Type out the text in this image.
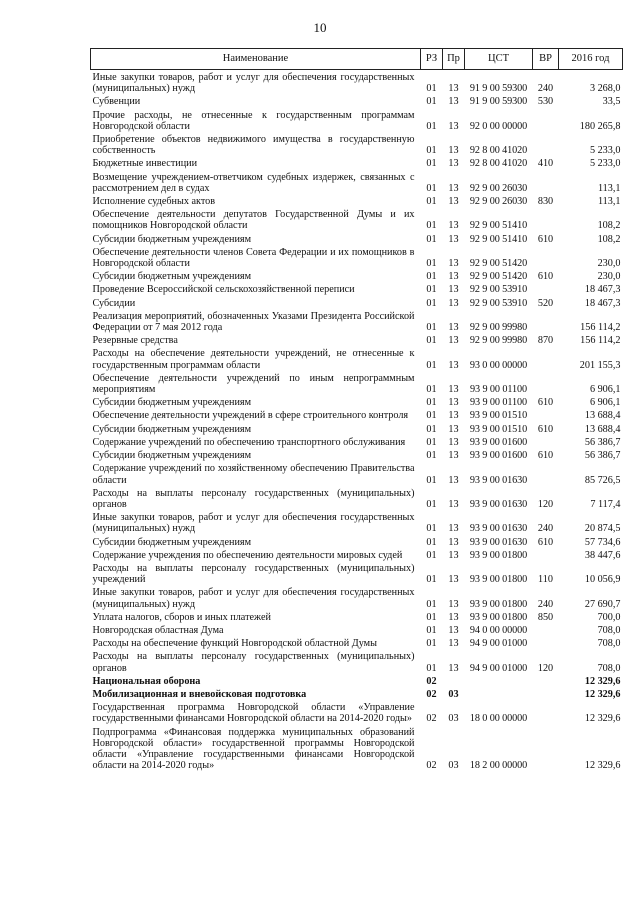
10
Наименование	РЗ	Пр	ЦСТ	ВР	2016 год
Иные закупки товаров, работ и услуг для обеспечения государственных (муниципальных) нужд	01	13	91 9 00 59300	240	3 268,0
Субвенции	01	13	91 9 00 59300	530	33,5
Прочие расходы, не отнесенные к государственным программам Новгородской области	01	13	92 0 00 00000		180 265,8
Приобретение объектов недвижимого имущества в государственную собственность	01	13	92 8 00 41020		5 233,0
Бюджетные инвестиции	01	13	92 8 00 41020	410	5 233,0
Возмещение учреждением-ответчиком судебных издержек, связанных с рассмотрением дел в судах	01	13	92 9 00 26030		113,1
Исполнение судебных актов	01	13	92 9 00 26030	830	113,1
Обеспечение деятельности депутатов Государственной Думы и их помощников Новгородской области	01	13	92 9 00 51410		108,2
Субсидии бюджетным учреждениям	01	13	92 9 00 51410	610	108,2
Обеспечение деятельности членов Совета Федерации и их помощников в Новгородской области	01	13	92 9 00 51420		230,0
Субсидии бюджетным учреждениям	01	13	92 9 00 51420	610	230,0
Проведение Всероссийской сельскохозяйственной переписи	01	13	92 9 00 53910		18 467,3
Субсидии	01	13	92 9 00 53910	520	18 467,3
Реализация мероприятий, обозначенных Указами Президента Российской Федерации от 7 мая 2012 года	01	13	92 9 00 99980		156 114,2
Резервные средства	01	13	92 9 00 99980	870	156 114,2
Расходы на обеспечение деятельности учреждений, не отнесенные к государственным программам области	01	13	93 0 00 00000		201 155,3
Обеспечение деятельности учреждений по иным непрограммным мероприятиям	01	13	93 9 00 01100		6 906,1
Субсидии бюджетным учреждениям	01	13	93 9 00 01100	610	6 906,1
Обеспечение деятельности учреждений в сфере строительного контроля	01	13	93 9 00 01510		13 688,4
Субсидии бюджетным учреждениям	01	13	93 9 00 01510	610	13 688,4
Содержание учреждений по обеспечению транспортного обслуживания	01	13	93 9 00 01600		56 386,7
Субсидии бюджетным учреждениям	01	13	93 9 00 01600	610	56 386,7
Содержание учреждений по хозяйственному обеспечению Правительства области	01	13	93 9 00 01630		85 726,5
Расходы на выплаты персоналу государственных (муниципальных) органов	01	13	93 9 00 01630	120	7 117,4
Иные закупки товаров, работ и услуг для обеспечения государственных (муниципальных) нужд	01	13	93 9 00 01630	240	20 874,5
Субсидии бюджетным учреждениям	01	13	93 9 00 01630	610	57 734,6
Содержание учреждения по обеспечению деятельности мировых судей	01	13	93 9 00 01800		38 447,6
Расходы на выплаты персоналу государственных (муниципальных) учреждений	01	13	93 9 00 01800	110	10 056,9
Иные закупки товаров, работ и услуг для обеспечения государственных (муниципальных) нужд	01	13	93 9 00 01800	240	27 690,7
Уплата налогов, сборов и иных платежей	01	13	93 9 00 01800	850	700,0
Новгородская областная Дума	01	13	94 0 00 00000		708,0
Расходы на обеспечение функций Новгородской областной Думы	01	13	94 9 00 01000		708,0
Расходы на выплаты персоналу государственных (муниципальных) органов	01	13	94 9 00 01000	120	708,0
Национальная оборона	02				12 329,6
Мобилизационная и вневойсковая подготовка	02	03			12 329,6
Государственная программа Новгородской области «Управление государственными финансами Новгородской области на 2014-2020 годы»	02	03	18 0 00 00000		12 329,6
Подпрограмма «Финансовая поддержка муниципальных образований Новгородской области» государственной программы Новгородской области «Управление государственными финансами Новгородской области на 2014-2020 годы»	02	03	18 2 00 00000		12 329,6
